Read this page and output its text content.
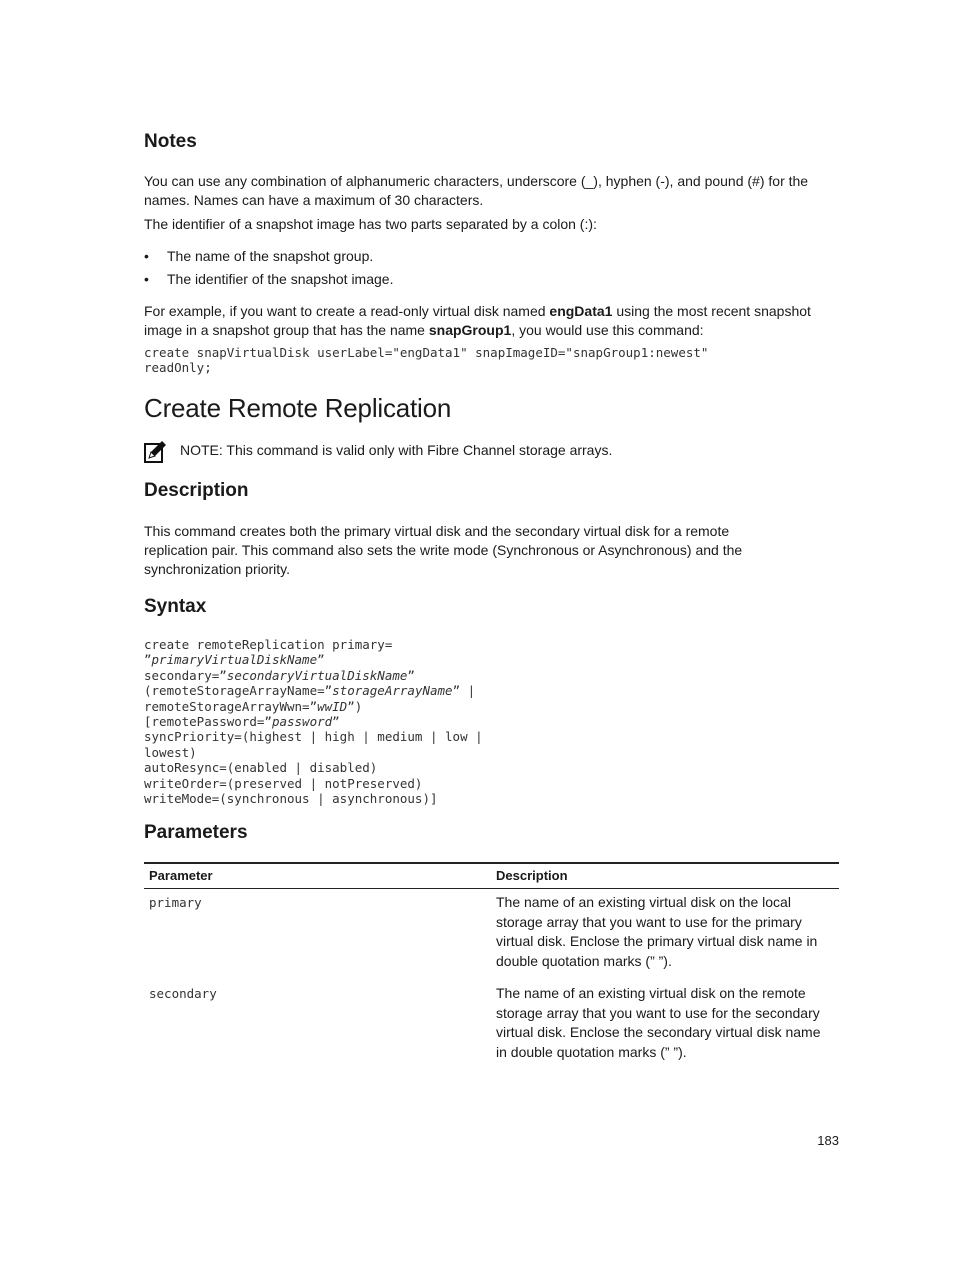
Notes

You can use any combination of alphanumeric characters, underscore (_), hyphen (-), and pound (#) for the names. Names can have a maximum of 30 characters.

The identifier of a snapshot image has two parts separated by a colon (:):

• The name of the snapshot group.
• The identifier of the snapshot image.

For example, if you want to create a read-only virtual disk named engData1 using the most recent snapshot image in a snapshot group that has the name snapGroup1, you would use this command:

create snapVirtualDisk userLabel="engData1" snapImageID="snapGroup1:newest"
readOnly;
Create Remote Replication
NOTE: This command is valid only with Fibre Channel storage arrays.
Description

This command creates both the primary virtual disk and the secondary virtual disk for a remote replication pair. This command also sets the write mode (Synchronous or Asynchronous) and the synchronization priority.

Syntax
create remoteReplication primary=
”primaryVirtualDiskName”
secondary=”secondaryVirtualDiskName”
(remoteStorageArrayName=”storageArrayName” |
remoteStorageArrayWwn=”wwID”)
[remotePassword=”password”
syncPriority=(highest | high | medium | low |
lowest)
autoResync=(enabled | disabled)
writeOrder=(preserved | notPreserved)
writeMode=(synchronous | asynchronous)]
Parameters
Parameter	Description
primary	The name of an existing virtual disk on the local storage array that you want to use for the primary virtual disk. Enclose the primary virtual disk name in double quotation marks (” ”).
secondary	The name of an existing virtual disk on the remote storage array that you want to use for the secondary virtual disk. Enclose the secondary virtual disk name in double quotation marks (” ”).
183
